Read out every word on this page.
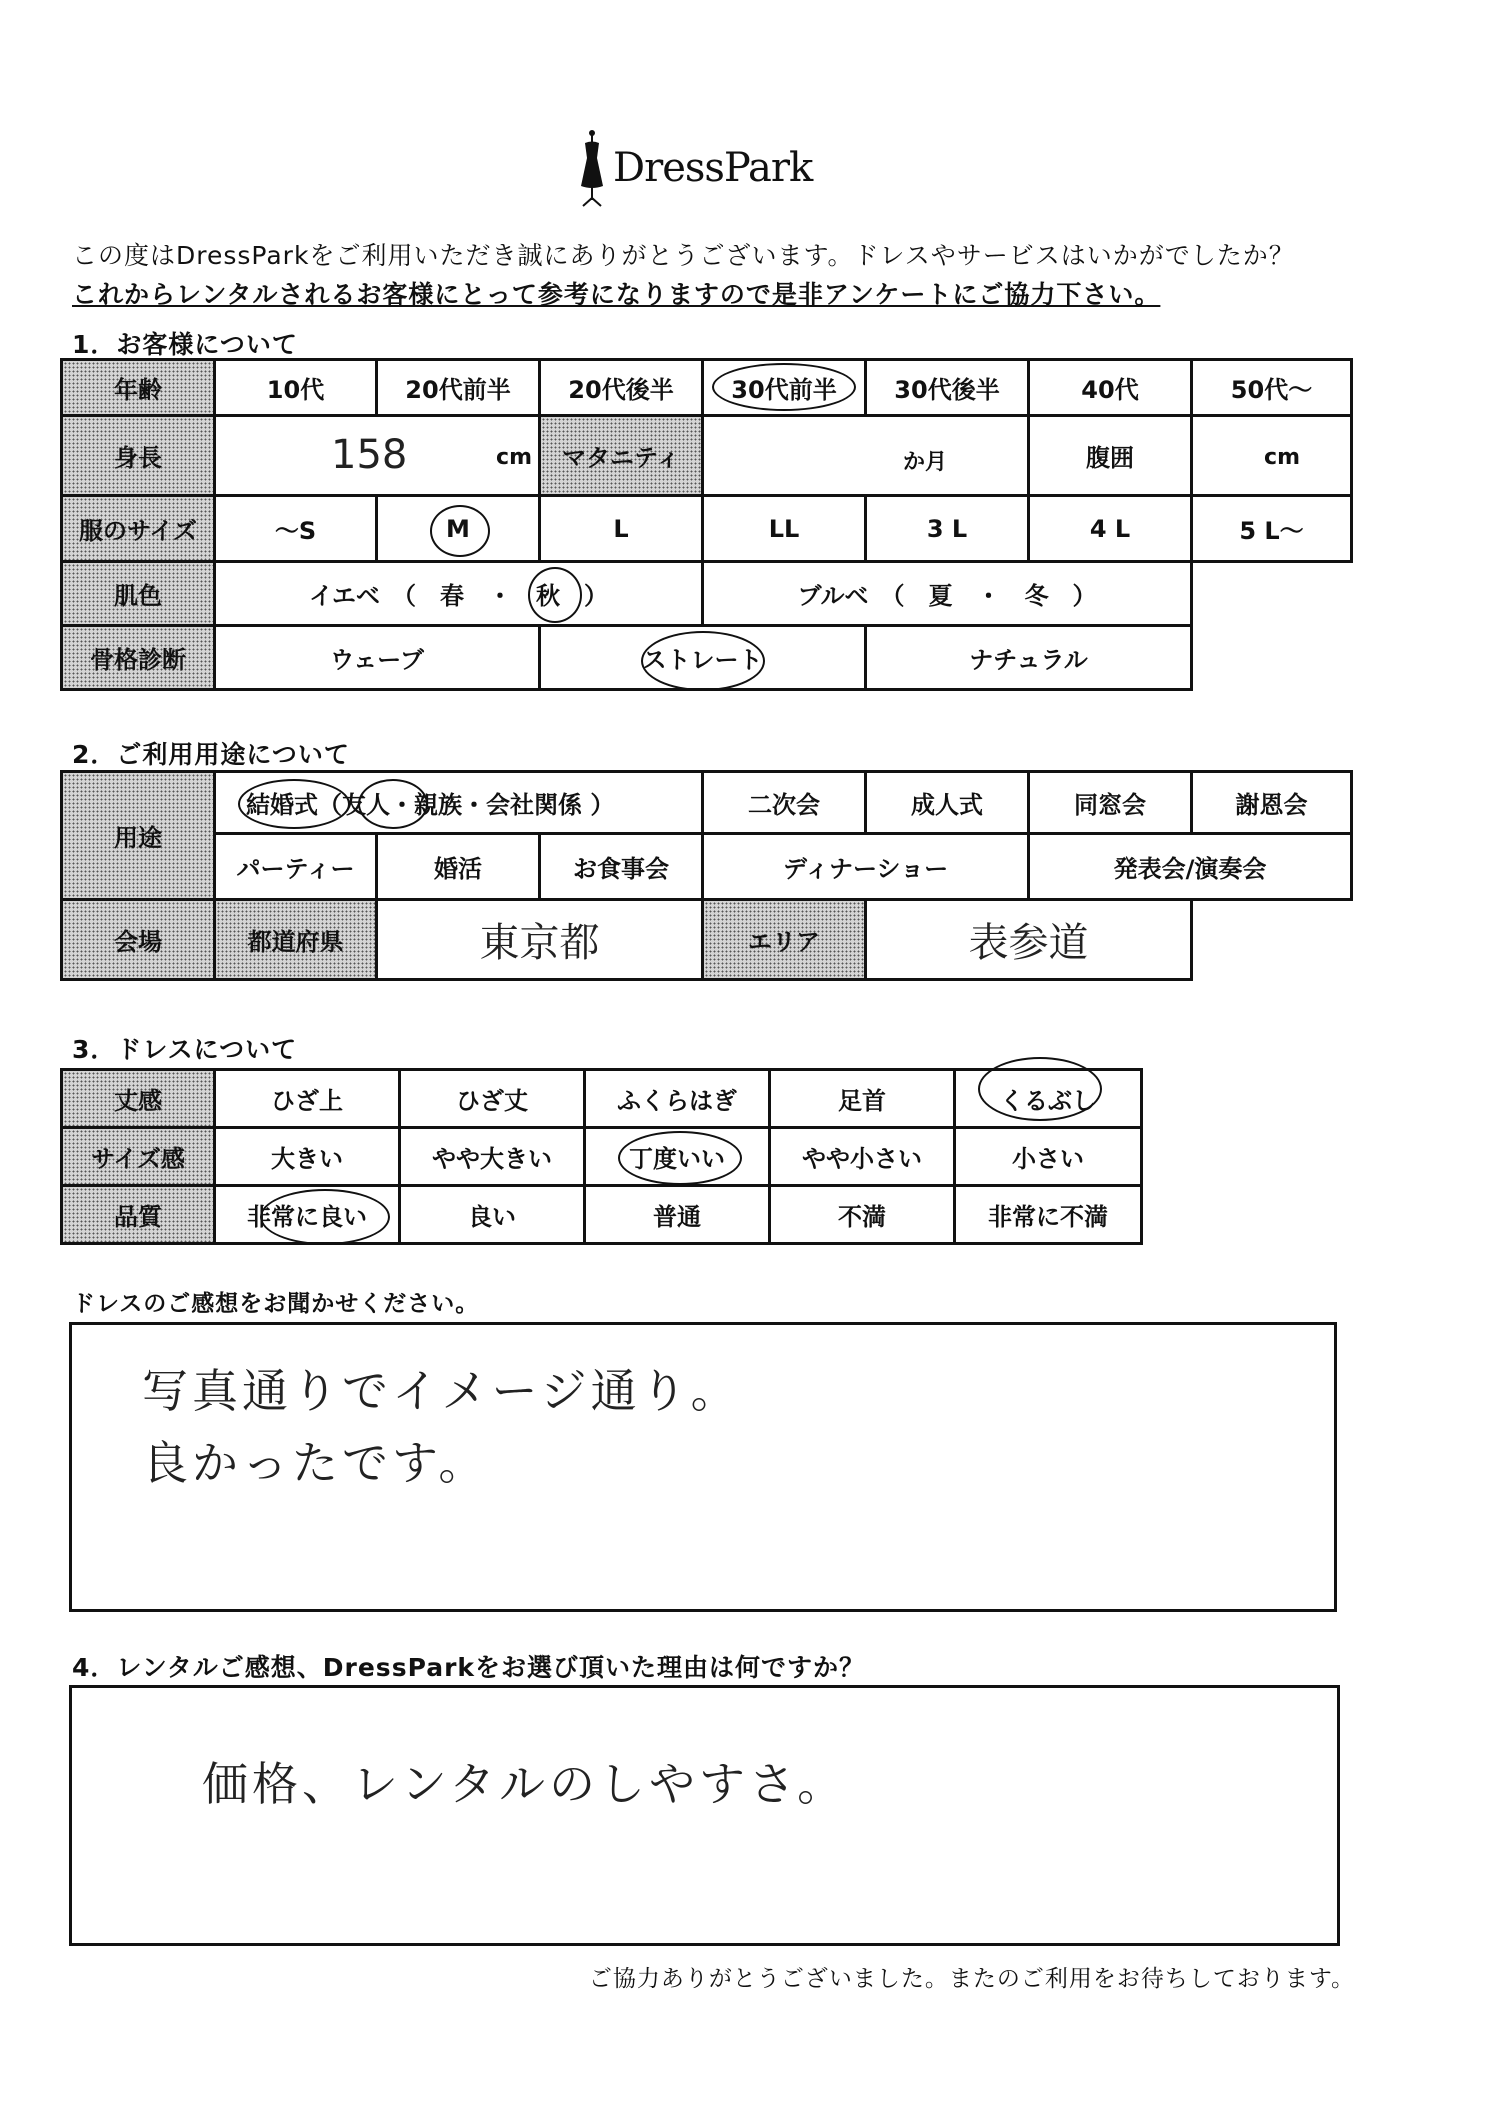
DressPark
この度はDressParkをご利用いただき誠にありがとうございます。ドレスやサービスはいかがでしたか？
これからレンタルされるお客様にとって参考になりますので是非アンケートにご協力下さい。
1．お客様について
年齢	10代	20代前半	20代後半	30代前半	30代後半	40代	50代～
身長	158 cm		マタニティ	か月		腹囲	cm

服のサイズ	～S	M	L	LL	3 L	4 L	5 L～
肌色	イエベ　（　春　・　秋　）			ブルベ　（　夏　・　冬　）			
骨格診断	ウェーブ		ストレート		ナチュラル		
2．ご利用用途について
用途	結婚式（友人・親族・会社関係 ）			二次会	成人式	同窓会	謝恩会
	パーティー	婚活	お食事会	ディナーショー		発表会/演奏会	
会場	都道府県	東京都		エリア	表参道		
3．ドレスについて
丈感	ひざ上	ひざ丈	ふくらはぎ	足首	くるぶし

サイズ感	大きい	やや大きい	丁度いい	やや小さい	小さい
品質	非常に良い	良い	普通	不満	非常に不満
ドレスのご感想をお聞かせください。
写真通りでイメージ通り。
良かったです。
4．レンタルご感想、DressParkをお選び頂いた理由は何ですか？
価格、レンタルのしやすさ。
ご協力ありがとうございました。またのご利用をお待ちしております。
